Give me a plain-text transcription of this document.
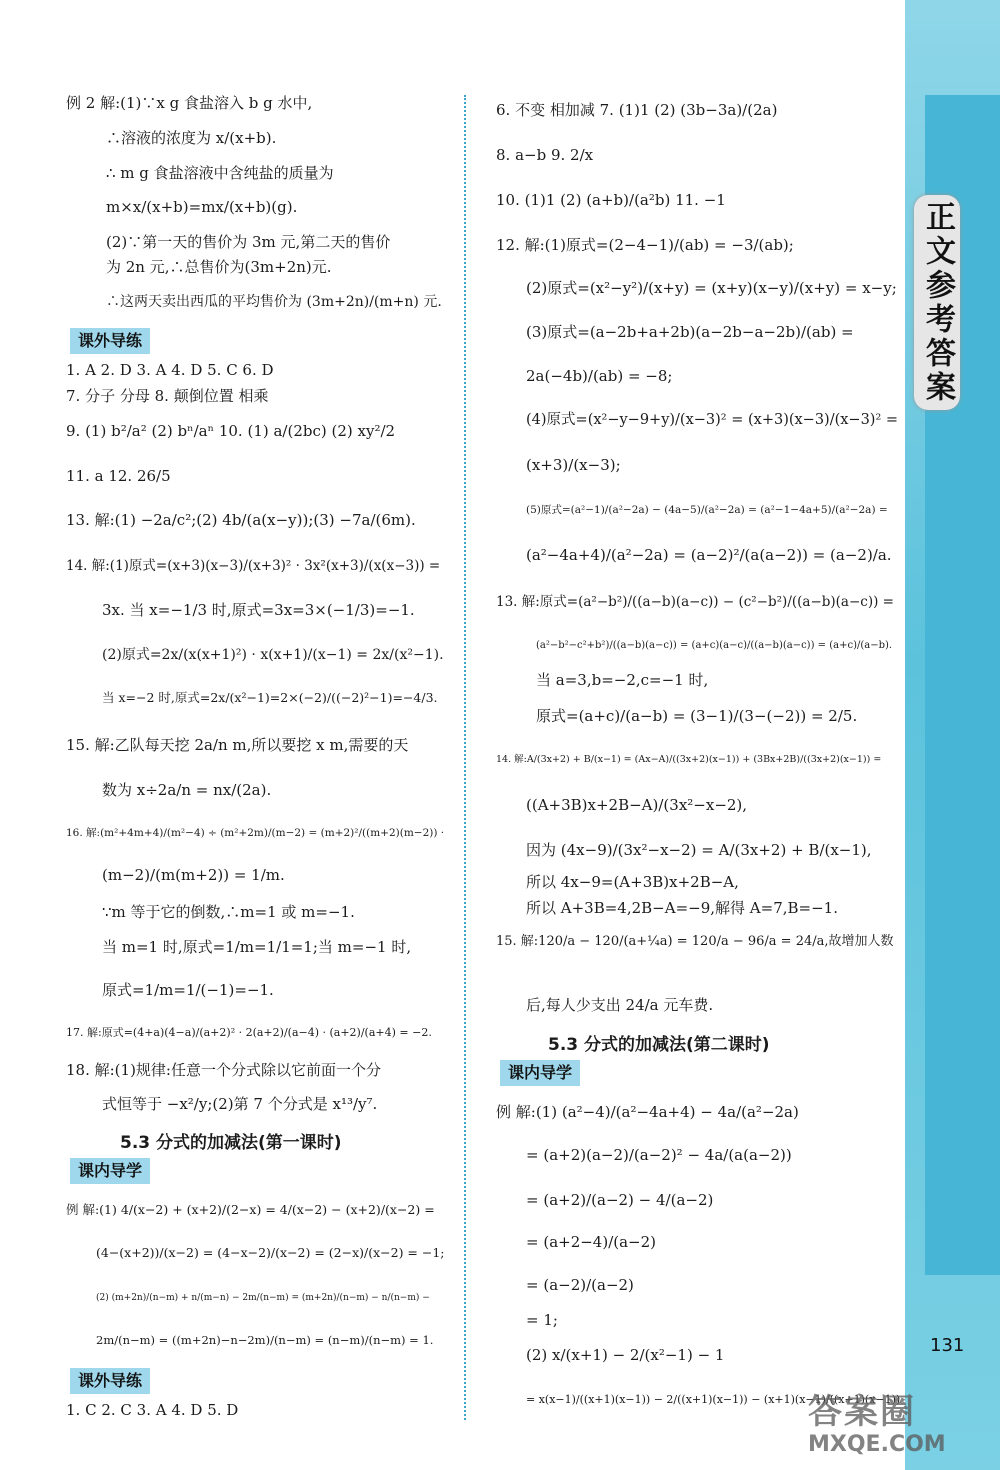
正文参考答案
131
例 2 解:(1)∵x g 食盐溶入 b g 水中,
∴溶液的浓度为 x/(x+b).
∴ m g 食盐溶液中含纯盐的质量为
m×x/(x+b)=mx/(x+b)(g).
(2)∵第一天的售价为 3m 元,第二天的售价
为 2n 元,∴总售价为(3m+2n)元.
∴这两天卖出西瓜的平均售价为 (3m+2n)/(m+n) 元.
课外导练
1. A 2. D 3. A 4. D 5. C 6. D
7. 分子 分母 8. 颠倒位置 相乘
9. (1) b²/a² (2) bⁿ/aⁿ 10. (1) a/(2bc) (2) xy²/2
11. a 12. 26/5
13. 解:(1) −2a/c²;(2) 4b/(a(x−y));(3) −7a/(6m).
14. 解:(1)原式=(x+3)(x−3)/(x+3)² · 3x²(x+3)/(x(x−3)) =
3x. 当 x=−1/3 时,原式=3x=3×(−1/3)=−1.
(2)原式=2x/(x(x+1)²) · x(x+1)/(x−1) = 2x/(x²−1).
当 x=−2 时,原式=2x/(x²−1)=2×(−2)/((−2)²−1)=−4/3.
15. 解:乙队每天挖 2a/n m,所以要挖 x m,需要的天
数为 x÷2a/n = nx/(2a).
16. 解:(m²+4m+4)/(m²−4) ÷ (m²+2m)/(m−2) = (m+2)²/((m+2)(m−2)) ·
(m−2)/(m(m+2)) = 1/m.
∵m 等于它的倒数,∴m=1 或 m=−1.
当 m=1 时,原式=1/m=1/1=1;当 m=−1 时,
原式=1/m=1/(−1)=−1.
17. 解:原式=(4+a)(4−a)/(a+2)² · 2(a+2)/(a−4) · (a+2)/(a+4) = −2.
18. 解:(1)规律:任意一个分式除以它前面一个分
式恒等于 −x²/y;(2)第 7 个分式是 x¹³/y⁷.
5.3 分式的加减法(第一课时)
课内导学
例 解:(1) 4/(x−2) + (x+2)/(2−x) = 4/(x−2) − (x+2)/(x−2) =
(4−(x+2))/(x−2) = (4−x−2)/(x−2) = (2−x)/(x−2) = −1;
(2) (m+2n)/(n−m) + n/(m−n) − 2m/(n−m) = (m+2n)/(n−m) − n/(n−m) −
2m/(n−m) = ((m+2n)−n−2m)/(n−m) = (n−m)/(n−m) = 1.
课外导练
1. C 2. C 3. A 4. D 5. D
6. 不变 相加减 7. (1)1 (2) (3b−3a)/(2a)
8. a−b 9. 2/x
10. (1)1 (2) (a+b)/(a²b) 11. −1
12. 解:(1)原式=(2−4−1)/(ab) = −3/(ab);
(2)原式=(x²−y²)/(x+y) = (x+y)(x−y)/(x+y) = x−y;
(3)原式=(a−2b+a+2b)(a−2b−a−2b)/(ab) =
2a(−4b)/(ab) = −8;
(4)原式=(x²−y−9+y)/(x−3)² = (x+3)(x−3)/(x−3)² =
(x+3)/(x−3);
(5)原式=(a²−1)/(a²−2a) − (4a−5)/(a²−2a) = (a²−1−4a+5)/(a²−2a) =
(a²−4a+4)/(a²−2a) = (a−2)²/(a(a−2)) = (a−2)/a.
13. 解:原式=(a²−b²)/((a−b)(a−c)) − (c²−b²)/((a−b)(a−c)) =
(a²−b²−c²+b²)/((a−b)(a−c)) = (a+c)(a−c)/((a−b)(a−c)) = (a+c)/(a−b).
当 a=3,b=−2,c=−1 时,
原式=(a+c)/(a−b) = (3−1)/(3−(−2)) = 2/5.
14. 解:A/(3x+2) + B/(x−1) = (Ax−A)/((3x+2)(x−1)) + (3Bx+2B)/((3x+2)(x−1)) =
((A+3B)x+2B−A)/(3x²−x−2),
因为 (4x−9)/(3x²−x−2) = A/(3x+2) + B/(x−1),
所以 4x−9=(A+3B)x+2B−A,
所以 A+3B=4,2B−A=−9,解得 A=7,B=−1.
15. 解:120/a − 120/(a+¼a) = 120/a − 96/a = 24/a,故增加人数
后,每人少支出 24/a 元车费.
5.3 分式的加减法(第二课时)
课内导学
例 解:(1) (a²−4)/(a²−4a+4) − 4a/(a²−2a)
= (a+2)(a−2)/(a−2)² − 4a/(a(a−2))
= (a+2)/(a−2) − 4/(a−2)
= (a+2−4)/(a−2)
= (a−2)/(a−2)
= 1;
(2) x/(x+1) − 2/(x²−1) − 1
= x(x−1)/((x+1)(x−1)) − 2/((x+1)(x−1)) − (x+1)(x−1)/((x+1)(x−1))
答案圈
MXQE.COM
